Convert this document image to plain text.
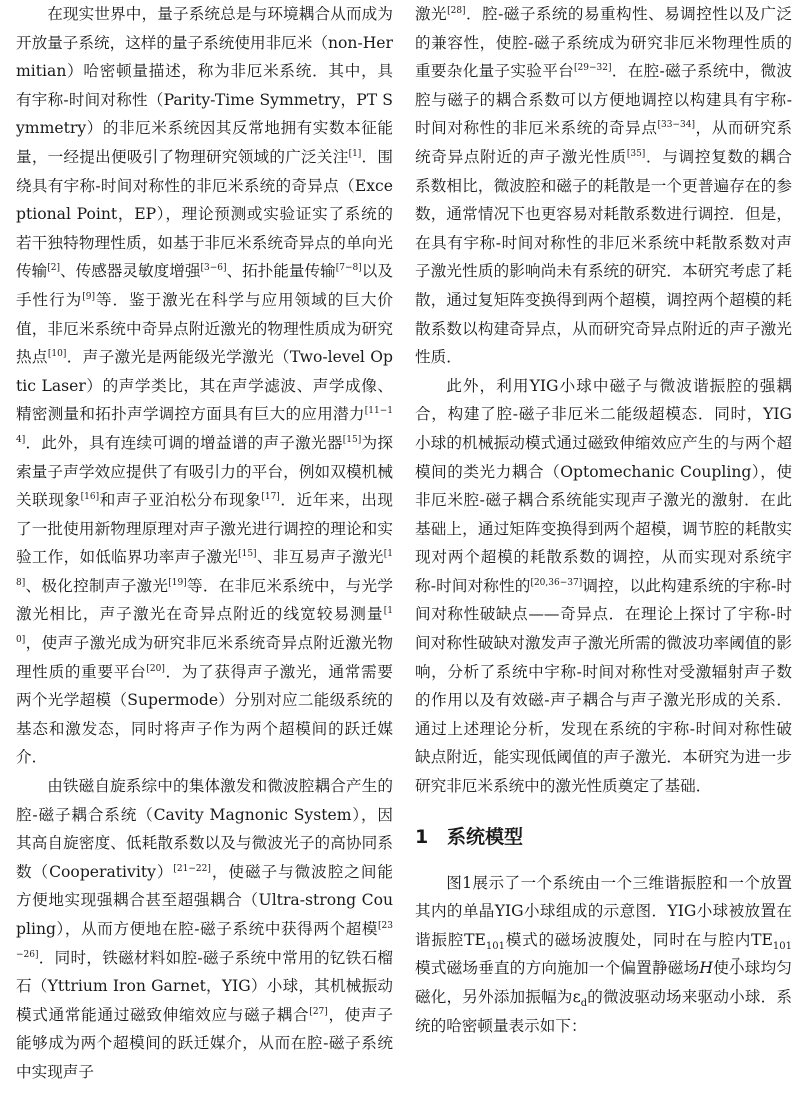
在现实世界中，量子系统总是与环境耦合从而成为开放量子系统，这样的量子系统使用非厄米（non-Hermitian）哈密顿量描述，称为非厄米系统．其中，具有宇称-时间对称性（Parity-Time Symmetry，PT Symmetry）的非厄米系统因其反常地拥有实数本征能量，一经提出便吸引了物理研究领域的广泛关注[1]．围绕具有宇称-时间对称性的非厄米系统的奇异点（Exceptional Point，EP），理论预测或实验证实了系统的若干独特物理性质，如基于非厄米系统奇异点的单向光传输[2]、传感器灵敏度增强[3−6]、拓扑能量传输[7−8]以及手性行为[9]等．鉴于激光在科学与应用领域的巨大价值，非厄米系统中奇异点附近激光的物理性质成为研究热点[10]．声子激光是两能级光学激光（Two-level Optic Laser）的声学类比，其在声学滤波、声学成像、精密测量和拓扑声学调控方面具有巨大的应用潜力[11−14]．此外，具有连续可调的增益谱的声子激光器[15]为探索量子声学效应提供了有吸引力的平台，例如双模机械关联现象[16]和声子亚泊松分布现象[17]．近年来，出现了一批使用新物理原理对声子激光进行调控的理论和实验工作，如低临界功率声子激光[15]、非互易声子激光[18]、极化控制声子激光[19]等．在非厄米系统中，与光学激光相比，声子激光在奇异点附近的线宽较易测量[10]，使声子激光成为研究非厄米系统奇异点附近激光物理性质的重要平台[20]．为了获得声子激光，通常需要两个光学超模（Supermode）分别对应二能级系统的基态和激发态，同时将声子作为两个超模间的跃迁媒介．

由铁磁自旋系综中的集体激发和微波腔耦合产生的腔-磁子耦合系统（Cavity Magnonic System），因其高自旋密度、低耗散系数以及与微波光子的高协同系数（Cooperativity）[21−22]，使磁子与微波腔之间能方便地实现强耦合甚至超强耦合（Ultra-strong Coupling），从而方便地在腔-磁子系统中获得两个超模[23−26]．同时，铁磁材料如腔-磁子系统中常用的钇铁石榴石（Yttrium Iron Garnet，YIG）小球，其机械振动模式通常能通过磁致伸缩效应与磁子耦合[27]，使声子能够成为两个超模间的跃迁媒介，从而在腔-磁子系统中实现声子

激光[28]．腔-磁子系统的易重构性、易调控性以及广泛的兼容性，使腔-磁子系统成为研究非厄米物理性质的重要杂化量子实验平台[29−32]．在腔-磁子系统中，微波腔与磁子的耦合系数可以方便地调控以构建具有宇称-时间对称性的非厄米系统的奇异点[33−34]，从而研究系统奇异点附近的声子激光性质[35]．与调控复数的耦合系数相比，微波腔和磁子的耗散是一个更普遍存在的参数，通常情况下也更容易对耗散系数进行调控．但是，在具有宇称-时间对称性的非厄米系统中耗散系数对声子激光性质的影响尚未有系统的研究．本研究考虑了耗散，通过复矩阵变换得到两个超模，调控两个超模的耗散系数以构建奇异点，从而研究奇异点附近的声子激光性质．

此外，利用YIG小球中磁子与微波谐振腔的强耦合，构建了腔-磁子非厄米二能级超模态．同时，YIG小球的机械振动模式通过磁致伸缩效应产生的与两个超模间的类光力耦合（Optomechanic Coupling），使非厄米腔-磁子耦合系统能实现声子激光的激射．在此基础上，通过矩阵变换得到两个超模，调节腔的耗散实现对两个超模的耗散系数的调控，从而实现对系统宇称-时间对称性的[20,36−37]调控，以此构建系统的宇称-时间对称性破缺点——奇异点．在理论上探讨了宇称-时间对称性破缺对激发声子激光所需的微波功率阈值的影响，分析了系统中宇称-时间对称性对受激辐射声子数的作用以及有效磁-声子耦合与声子激光形成的关系．通过上述理论分析，发现在系统的宇称-时间对称性破缺点附近，能实现低阈值的声子激光．本研究为进一步研究非厄米系统中的激光性质奠定了基础．

1 系统模型

图1展示了一个系统由一个三维谐振腔和一个放置其内的单晶YIG小球组成的示意图．YIG小球被放置在谐振腔$TE_{101}$模式的磁场波腹处，同时在与腔内$TE_{101}$模式磁场垂直的方向施加一个偏置静磁场→ H使小球均匀磁化，另外添加振幅为$\varepsilon_d$的微波驱动场来驱动小球．系统的哈密顿量表示如下：
